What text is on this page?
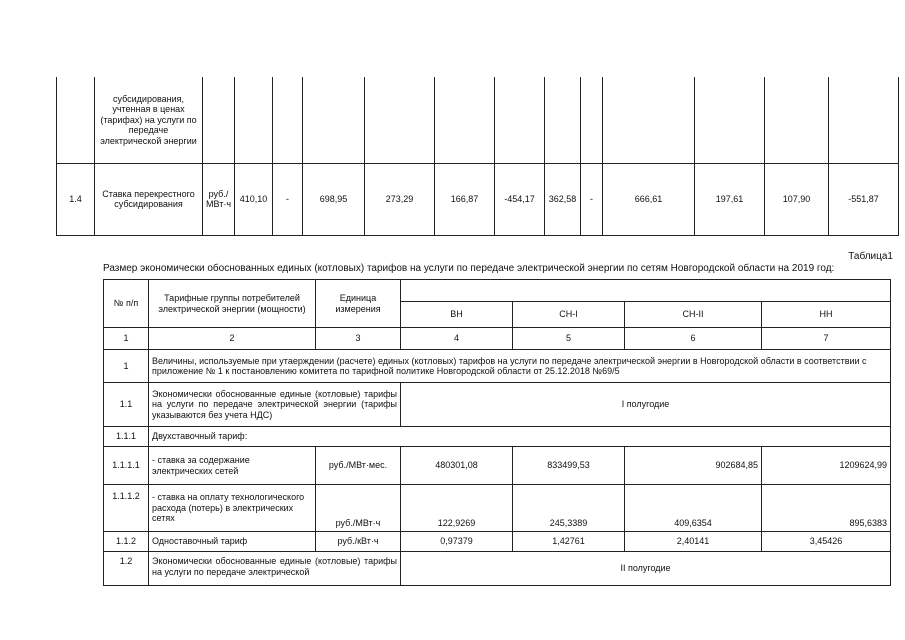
	субсидирования, учтенная в ценах (тарифах) на услуги по передаче электрической энергии													
1.4	Ставка перекрестного субсидирования	руб./ МВт·ч	410,10	-	698,95	273,29	166,87	-454,17	362,58	-	666,61	197,61	107,90	-551,87
Таблица1
Размер экономически обоснованных единых (котловых) тарифов на услуги по передаче электрической энергии по сетям Новгородской области на 2019 год:
№ п/п	Тарифные группы потребителей электрической энергии (мощности)	Единица измерения				
			ВН	СН-I	СН-II	НН
1	2	3	4	5	6	7
1	Величины, используемые при утаерждении (расчете) единых (котловых) тарифов на услуги по передаче электрической энергии в Новгородской области в соответствии с приложение № 1 к постановлению комитета по тарифной политике Новгородской области от 25.12.2018 №69/5					
1.1	Экономически обоснованные единые (котловые) тарифы на услуги по передаче электрической энергии (тарифы указываются без учета НДС)		I полугодие			
1.1.1	Двухставочный тариф:					
1.1.1.1	- ставка за содержание электрических сетей	руб./МВт·мес.	480301,08	833499,53	902684,85	1209624,99
1.1.1.2	- ставка на оплату технологического расхода (потерь) в электрических сетях	руб./МВт·ч	122,9269	245,3389	409,6354	895,6383
1.1.2	Одноставочный тариф	руб./кВт·ч	0,97379	1,42761	2,40141	3,45426
1.2	Экономически обоснованные единые (котловые) тарифы на услуги по передаче электрической		II полугодие			
